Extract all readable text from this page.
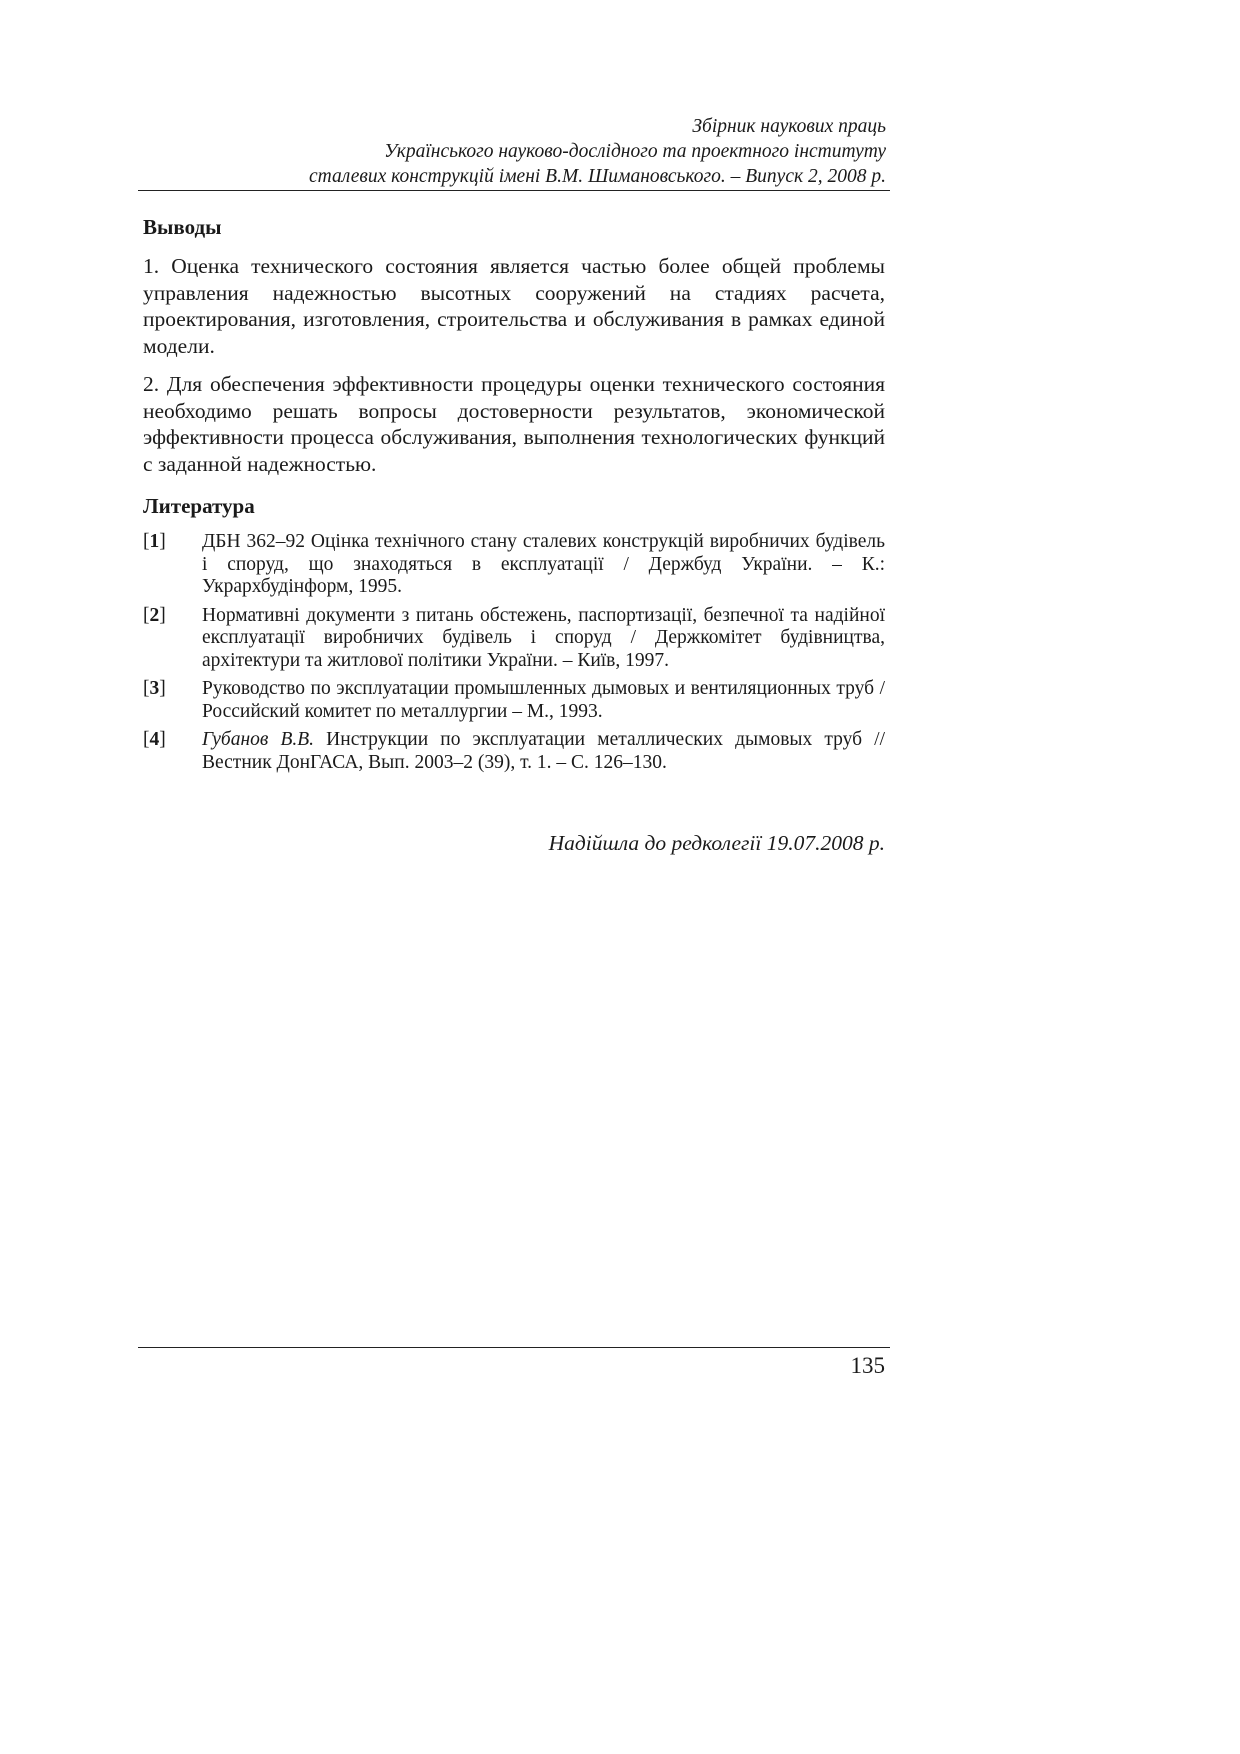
Збірник наукових праць
Українського науково-дослідного та проектного інституту
сталевих конструкцій імені В.М. Шимановського. – Випуск 2, 2008 р.
Выводы

1. Оценка технического состояния является частью более общей проблемы управления надежностью высотных сооружений на стадиях расчета, проектирования, изготовления, строительства и обслуживания в рамках единой модели.

2. Для обеспечения эффективности процедуры оценки технического состояния необходимо решать вопросы достоверности результатов, экономической эффективности процесса обслуживания, выполнения технологических функций с заданной надежностью.

Литература
[1]	ДБН 362–92 Оцінка технічного стану сталевих конструкцій виробничих будівель і споруд, що знаходяться в експлуатації / Держбуд України. – К.: Укрархбудінформ, 1995.
[2]	Нормативні документи з питань обстежень, паспортизації, безпечної та надійної експлуатації виробничих будівель і споруд / Держкомітет будівництва, архітектури та житлової політики України. – Київ, 1997.
[3]	Руководство по эксплуатации промышленных дымовых и вентиляционных труб / Российский комитет по металлургии – М., 1993.
[4]	Губанов В.В. Инструкции по эксплуатации металлических дымовых труб // Вестник ДонГАСА, Вып. 2003–2 (39), т. 1. – С. 126–130.
Надійшла до редколегії 19.07.2008 р.
135
